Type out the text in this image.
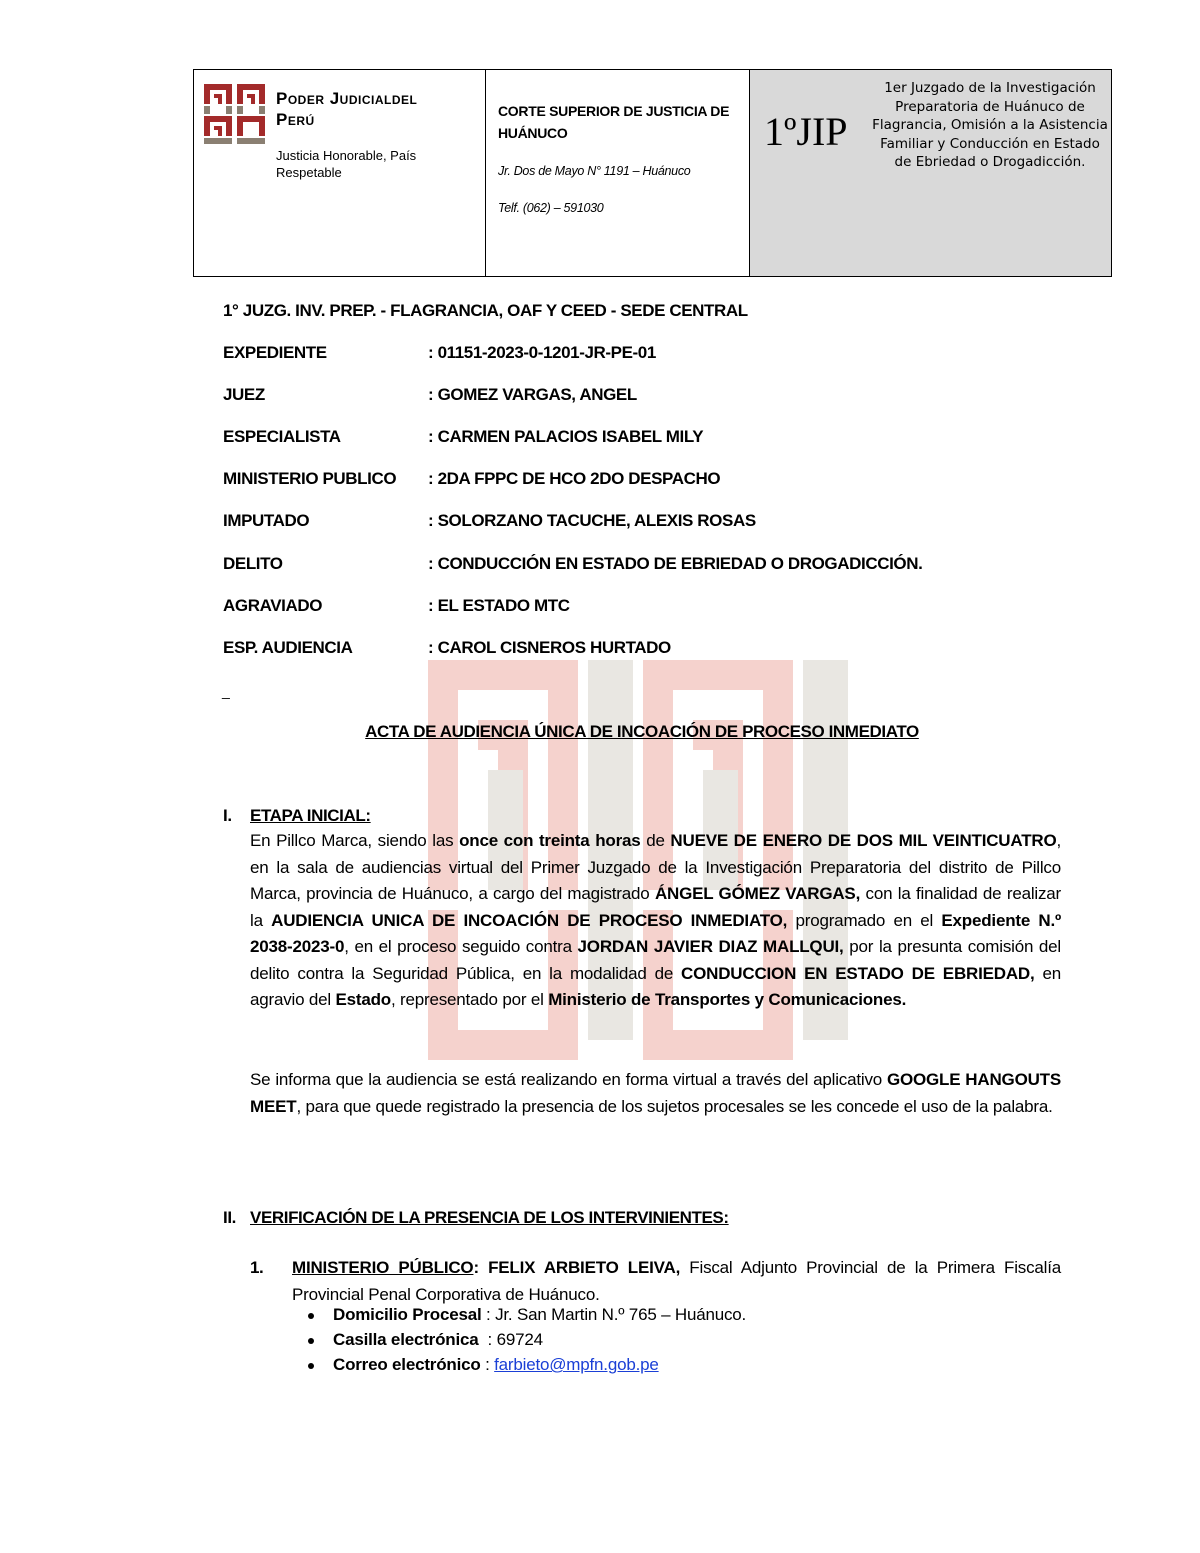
Poder Judicialdel
Perú
Justicia Honorable, País Respetable
CORTE SUPERIOR DE JUSTICIA DE HUÁNUCO
Jr. Dos de Mayo N° 1191 – Huánuco
Telf. (062) – 591030
1ºJIP
1er Juzgado de la Investigación Preparatoria de Huánuco de Flagrancia, Omisión a la Asistencia Familiar y Conducción en Estado de Ebriedad o Drogadicción.
1° JUZG. INV. PREP. - FLAGRANCIA, OAF Y CEED - SEDE CENTRAL
EXPEDIENTE	: 01151-2023-0-1201-JR-PE-01
JUEZ	: GOMEZ VARGAS, ANGEL
ESPECIALISTA	: CARMEN PALACIOS ISABEL MILY
MINISTERIO PUBLICO : 2DA FPPC DE HCO 2DO DESPACHO
IMPUTADO	: SOLORZANO TACUCHE, ALEXIS ROSAS
DELITO	: CONDUCCIÓN EN ESTADO DE EBRIEDAD O DROGADICCIÓN.
AGRAVIADO	: EL ESTADO MTC
ESP. AUDIENCIA	: CAROL CISNEROS HURTADO
_
ACTA DE AUDIENCIA ÚNICA DE INCOACIÓN DE PROCESO INMEDIATO
I. ETAPA INICIAL:
En Pillco Marca, siendo las once con treinta horas de NUEVE DE ENERO DE DOS MIL VEINTICUATRO, en la sala de audiencias virtual del Primer Juzgado de la Investigación Preparatoria del distrito de Pillco Marca, provincia de Huánuco, a cargo del magistrado ÁNGEL GÓMEZ VARGAS, con la finalidad de realizar la AUDIENCIA UNICA DE INCOACIÓN DE PROCESO INMEDIATO, programado en el Expediente N.º 2038-2023-0, en el proceso seguido contra JORDAN JAVIER DIAZ MALLQUI, por la presunta comisión del delito contra la Seguridad Pública, en la modalidad de CONDUCCION EN ESTADO DE EBRIEDAD, en agravio del Estado, representado por el Ministerio de Transportes y Comunicaciones.
Se informa que la audiencia se está realizando en forma virtual a través del aplicativo GOOGLE HANGOUTS MEET, para que quede registrado la presencia de los sujetos procesales se les concede el uso de la palabra.
II. VERIFICACIÓN DE LA PRESENCIA DE LOS INTERVINIENTES:
1. MINISTERIO PÚBLICO: FELIX ARBIETO LEIVA, Fiscal Adjunto Provincial de la Primera Fiscalía Provincial Penal Corporativa de Huánuco.
Domicilio Procesal : Jr. San Martin N.º 765 – Huánuco.
Casilla electrónica  : 69724
Correo electrónico : farbieto@mpfn.gob.pe
